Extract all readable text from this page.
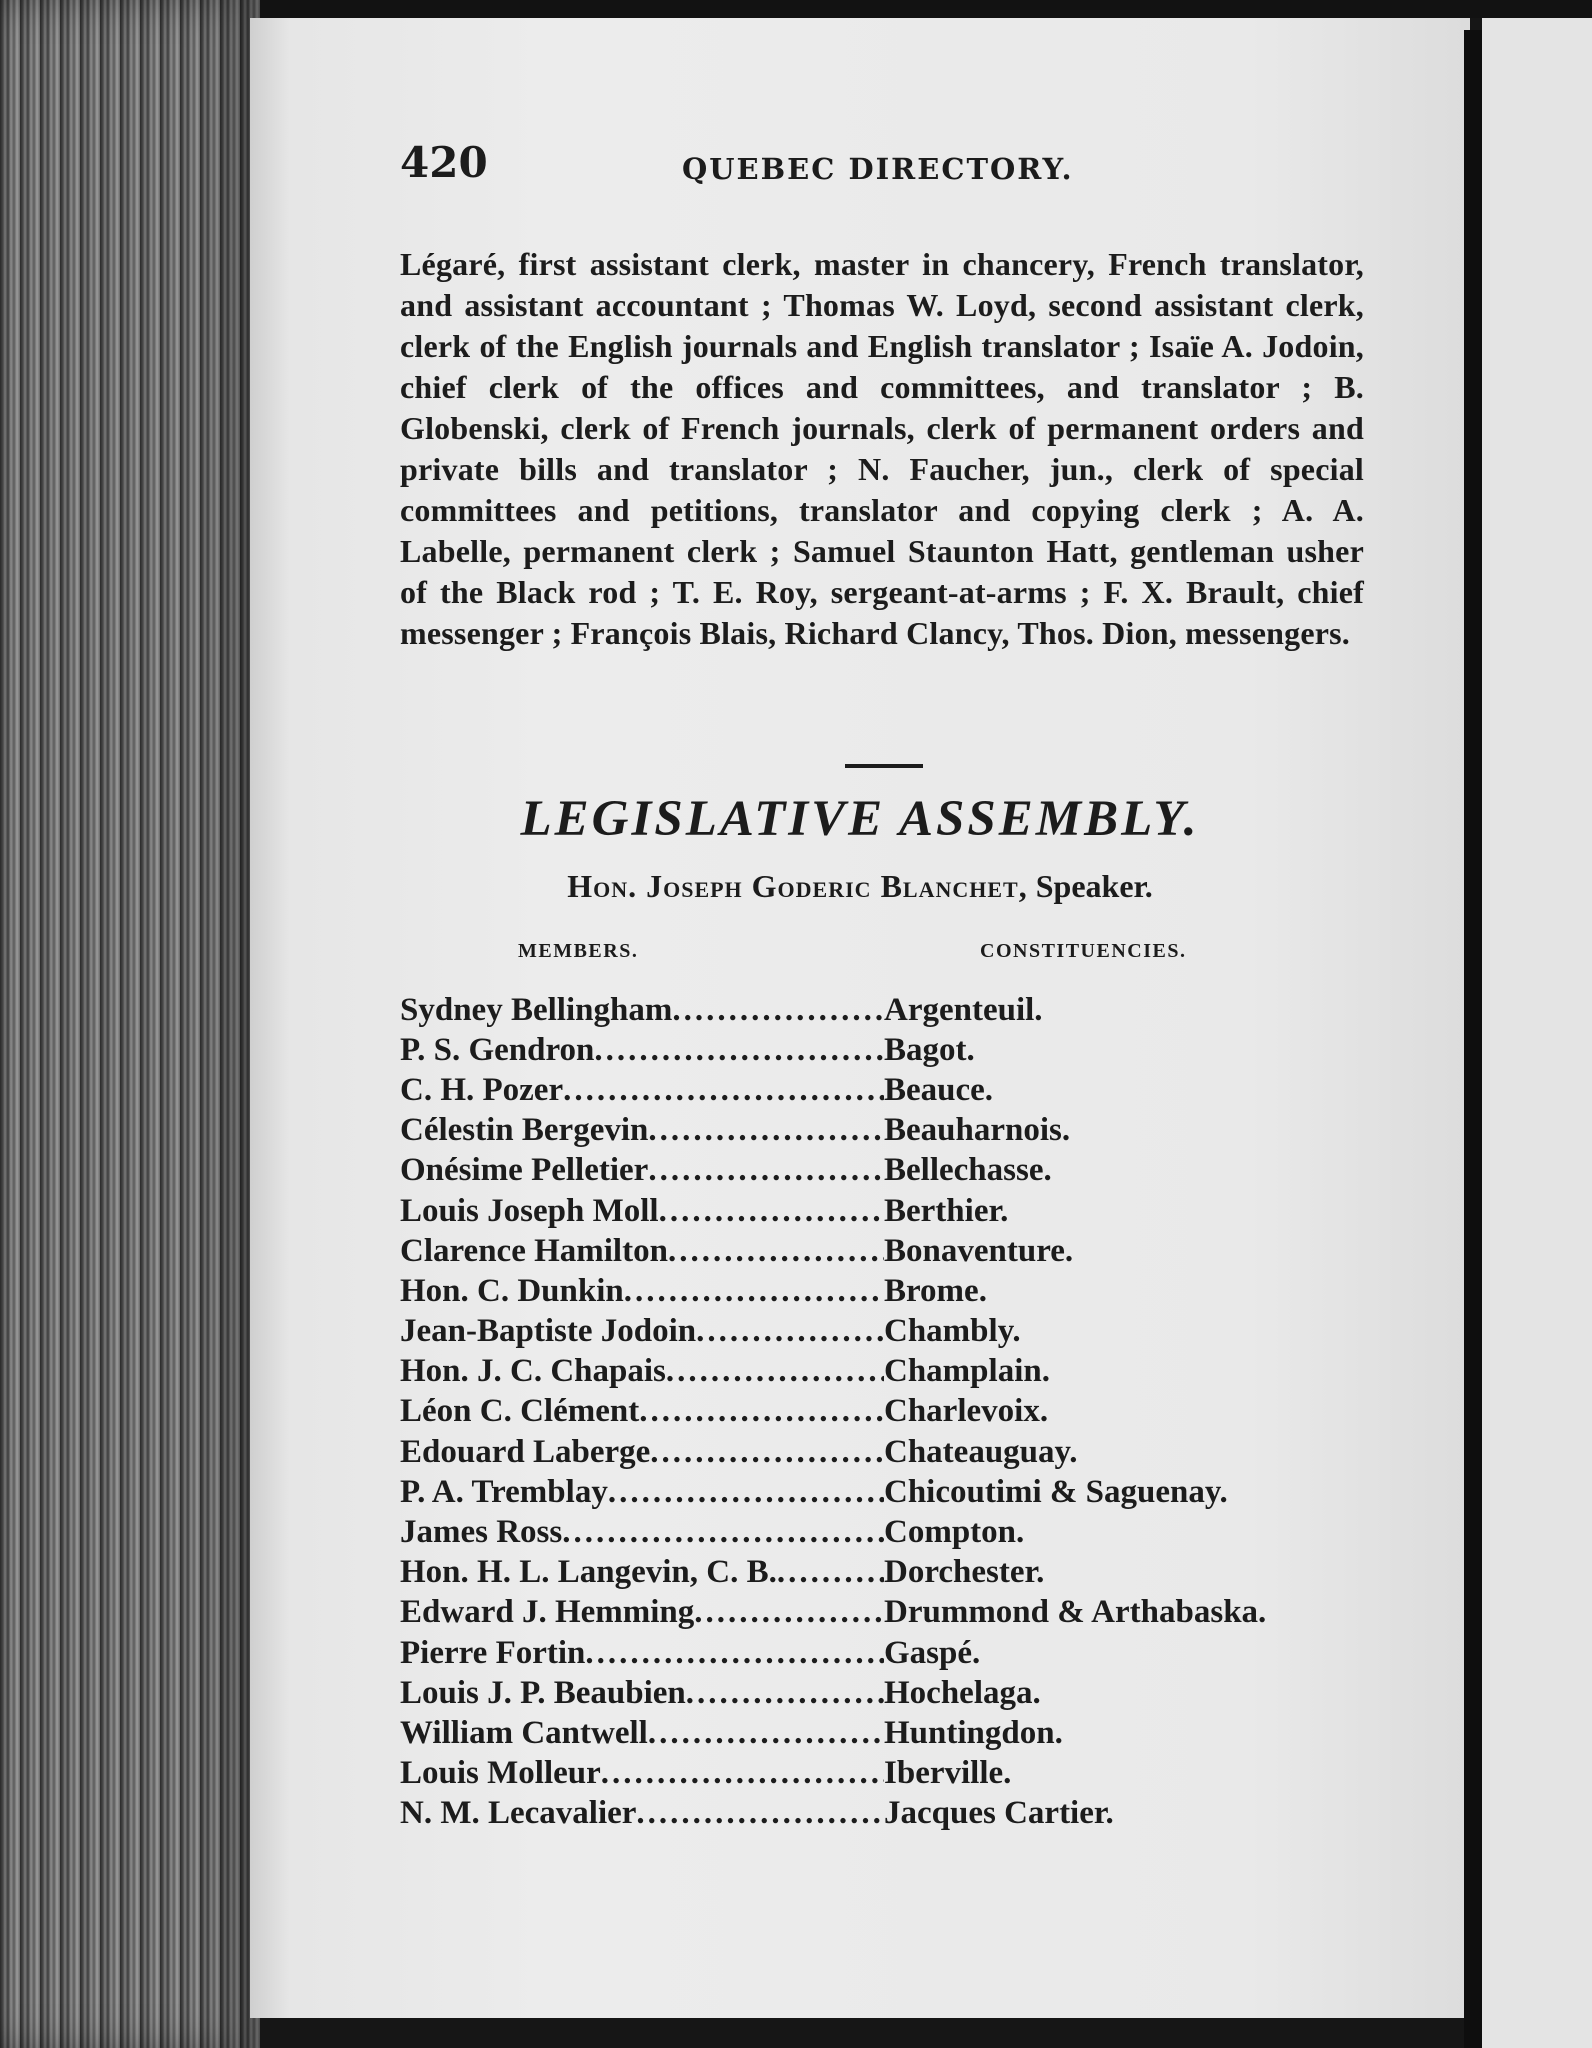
420	QUEBEC DIRECTORY.

Légaré, first assistant clerk, master in chancery, French translator, and assistant accountant ; Thomas W. Loyd, second assistant clerk, clerk of the English journals and English translator ; Isaïe A. Jodoin, chief clerk of the offices and committees, and translator ; B. Globenski, clerk of French journals, clerk of permanent orders and private bills and translator ; N. Faucher, jun., clerk of special committees and petitions, translator and copying clerk ; A. A. Labelle, permanent clerk ; Samuel Staunton Hatt, gentleman usher of the Black rod ; T. E. Roy, sergeant-at-arms ; F. X. Brault, chief messenger ; François Blais, Richard Clancy, Thos. Dion, messengers.

LEGISLATIVE ASSEMBLY.

Hon. Joseph Goderic Blanchet, Speaker.

MEMBERS.	CONSTITUENCIES.
Sydney Bellingham .....	Argenteuil.
P. S. Gendron .....	Bagot.
C. H. Pozer .....	Beauce.
Célestin Bergevin .....	Beauharnois.
Onésime Pelletier .....	Bellechasse.
Louis Joseph Moll .....	Berthier.
Clarence Hamilton .....	Bonaventure.
Hon. C. Dunkin .....	Brome.
Jean-Baptiste Jodoin .....	Chambly.
Hon. J. C. Chapais .....	Champlain.
Léon C. Clément .....	Charlevoix.
Edouard Laberge .....	Chateauguay.
P. A. Tremblay .....	Chicoutimi & Saguenay.
James Ross .....	Compton.
Hon. H. L. Langevin, C. B. .....	Dorchester.
Edward J. Hemming .....	Drummond & Arthabaska.
Pierre Fortin .....	Gaspé.
Louis J. P. Beaubien .....	Hochelaga.
William Cantwell .....	Huntingdon.
Louis Molleur .....	Iberville.
N. M. Lecavalier .....	Jacques Cartier.
